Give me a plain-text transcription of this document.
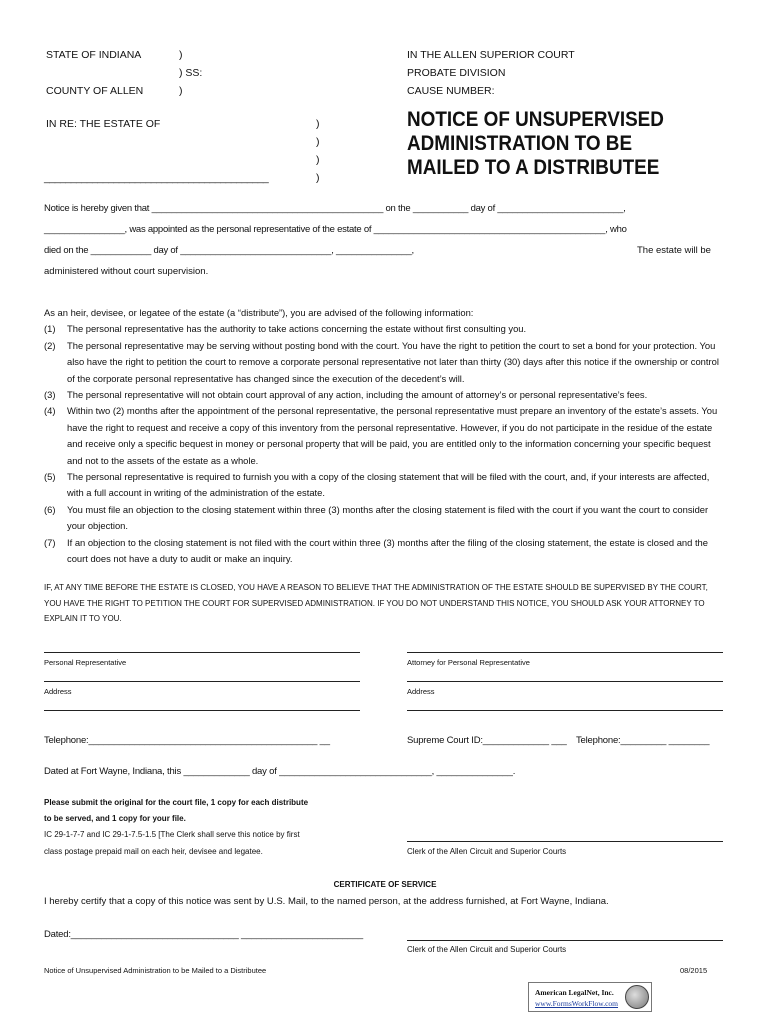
STATE OF INDIANA	)
) SS:
COUNTY OF ALLEN	)
IN THE ALLEN SUPERIOR COURT
PROBATE DIVISION
CAUSE NUMBER:
IN RE: THE ESTATE OF	)
)
)
)
__________________________________________
NOTICE OF UNSUPERVISED
ADMINISTRATION TO BE
MAILED TO A DISTRIBUTEE
Notice is hereby given that ______________________________________________ on the ___________ day of _________________________,
________________, was appointed as the personal representative of the estate of ______________________________________________, who
died on the ____________ day of ______________________________, _______________,	The estate will be
administered without court supervision.

As an heir, devisee, or legatee of the estate (a “distribute”), you are advised of the following information:

(1)	The personal representative has the authority to take actions concerning the estate without first consulting you.
(2)	The personal representative may be serving without posting bond with the court. You have the right to petition the court to set a bond for your protection. You also have the right to petition the court to remove a corporate personal representative not later than thirty (30) days after this notice if the ownership or control of the corporate personal representative has changed since the execution of the decedent’s will.
(3)	The personal representative will not obtain court approval of any action, including the amount of attorney’s or personal representative’s fees.
(4)	Within two (2) months after the appointment of the personal representative, the personal representative must prepare an inventory of the estate’s assets. You have the right to request and receive a copy of this inventory from the personal representative. However, if you do not participate in the residue of the estate and receive only a specific bequest in money or personal property that will be paid, you are entitled only to the information concerning your specific bequest and not to the assets of the estate as a whole.
(5)	The personal representative is required to furnish you with a copy of the closing statement that will be filed with the court, and, if your interests are affected, with a full account in writing of the administration of the estate.
(6)	You must file an objection to the closing statement within three (3) months after the closing statement is filed with the court if you want the court to consider your objection.
(7)	If an objection to the closing statement is not filed with the court within three (3) months after the filing of the closing statement, the estate is closed and the court does not have a duty to audit or make an inquiry.
IF, AT ANY TIME BEFORE THE ESTATE IS CLOSED, YOU HAVE A REASON TO BELIEVE THAT THE ADMINISTRATION OF THE ESTATE SHOULD BE SUPERVISED BY THE COURT, YOU HAVE THE RIGHT TO PETITION THE COURT FOR SUPERVISED ADMINISTRATION. IF YOU DO NOT UNDERSTAND THIS NOTICE, YOU SHOULD ASK YOUR ATTORNEY TO EXPLAIN IT TO YOU.
Personal Representative	Attorney for Personal Representative
Address	Address
Telephone:_____________________________________________ __	Supreme Court ID:_____________ ___ Telephone:_________ ________
Dated at Fort Wayne, Indiana, this _____________ day of ______________________________, _______________.
Please submit the original for the court file, 1 copy for each distribute
to be served, and 1 copy for your file.
IC 29-1-7-7 and IC 29-1-7.5-1.5 [The Clerk shall serve this notice by first
class postage prepaid mail on each heir, devisee and legatee.	Clerk of the Allen Circuit and Superior Courts
CERTIFICATE OF SERVICE
I hereby certify that a copy of this notice was sent by U.S. Mail, to the named person, at the address furnished, at Fort Wayne, Indiana.
Dated:_________________________________ ________________________
Clerk of the Allen Circuit and Superior Courts
Notice of Unsupervised Administration to be Mailed to a Distributee	08/2015
American LegalNet, Inc.
www.FormsWorkFlow.com
